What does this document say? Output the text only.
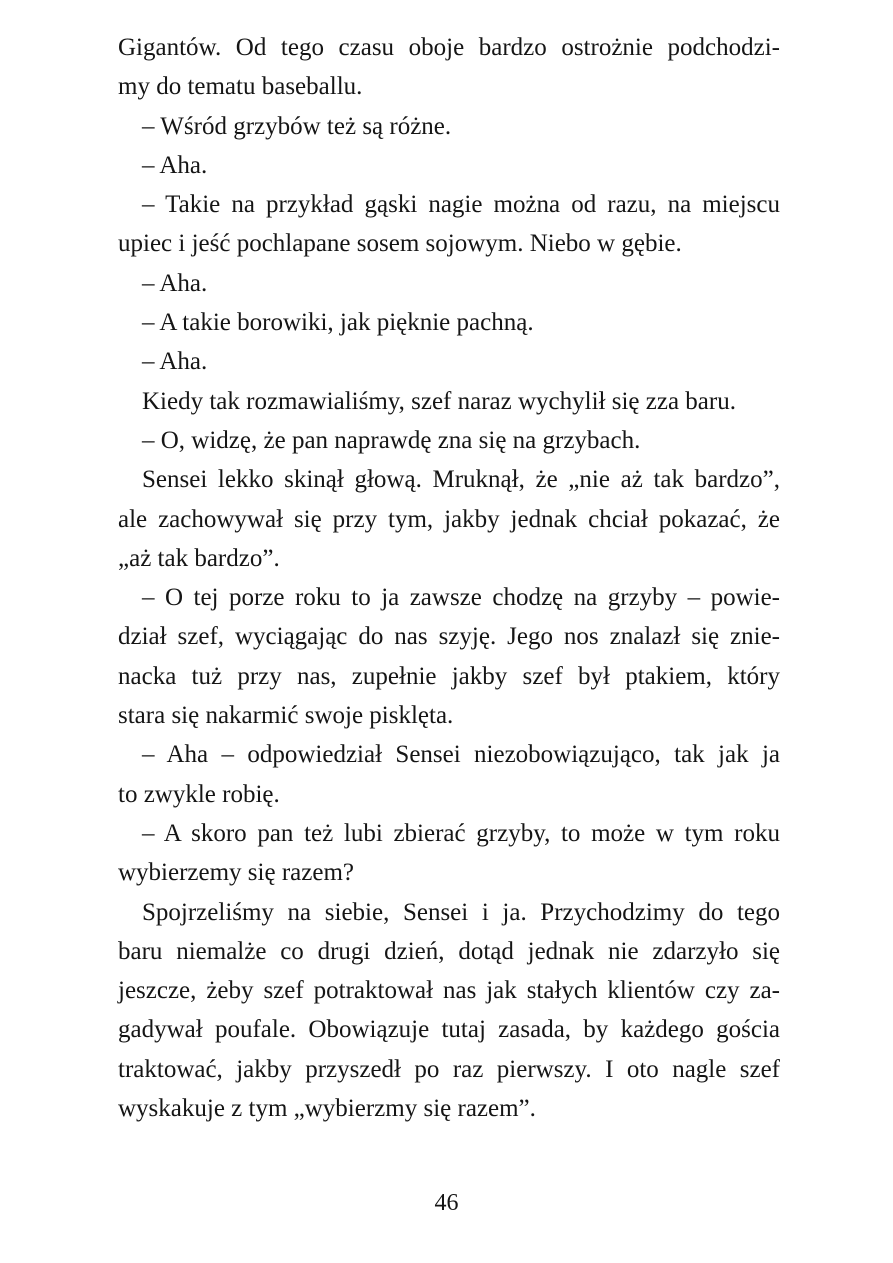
Gigantów. Od tego czasu oboje bardzo ostrożnie podchodzi-
my do tematu baseballu.
– Wśród grzybów też są różne.
– Aha.
– Takie na przykład gąski nagie można od razu, na miejscu
upiec i jeść pochlapane sosem sojowym. Niebo w gębie.
– Aha.
– A takie borowiki, jak pięknie pachną.
– Aha.
Kiedy tak rozmawialiśmy, szef naraz wychylił się zza baru.
– O, widzę, że pan naprawdę zna się na grzybach.
Sensei lekko skinął głową. Mruknął, że „nie aż tak bardzo”,
ale zachowywał się przy tym, jakby jednak chciał pokazać, że
„aż tak bardzo”.
– O tej porze roku to ja zawsze chodzę na grzyby – powie-
dział szef, wyciągając do nas szyję. Jego nos znalazł się znie-
nacka tuż przy nas, zupełnie jakby szef był ptakiem, który
stara się nakarmić swoje pisklęta.
– Aha – odpowiedział Sensei niezobowiązująco, tak jak ja
to zwykle robię.
– A skoro pan też lubi zbierać grzyby, to może w tym roku
wybierzemy się razem?
Spojrzeliśmy na siebie, Sensei i ja. Przychodzimy do tego
baru niemalże co drugi dzień, dotąd jednak nie zdarzyło się
jeszcze, żeby szef potraktował nas jak stałych klientów czy za-
gadywał poufale. Obowiązuje tutaj zasada, by każdego gościa
traktować, jakby przyszedł po raz pierwszy. I oto nagle szef
wyskakuje z tym „wybierzmy się razem”.
46
